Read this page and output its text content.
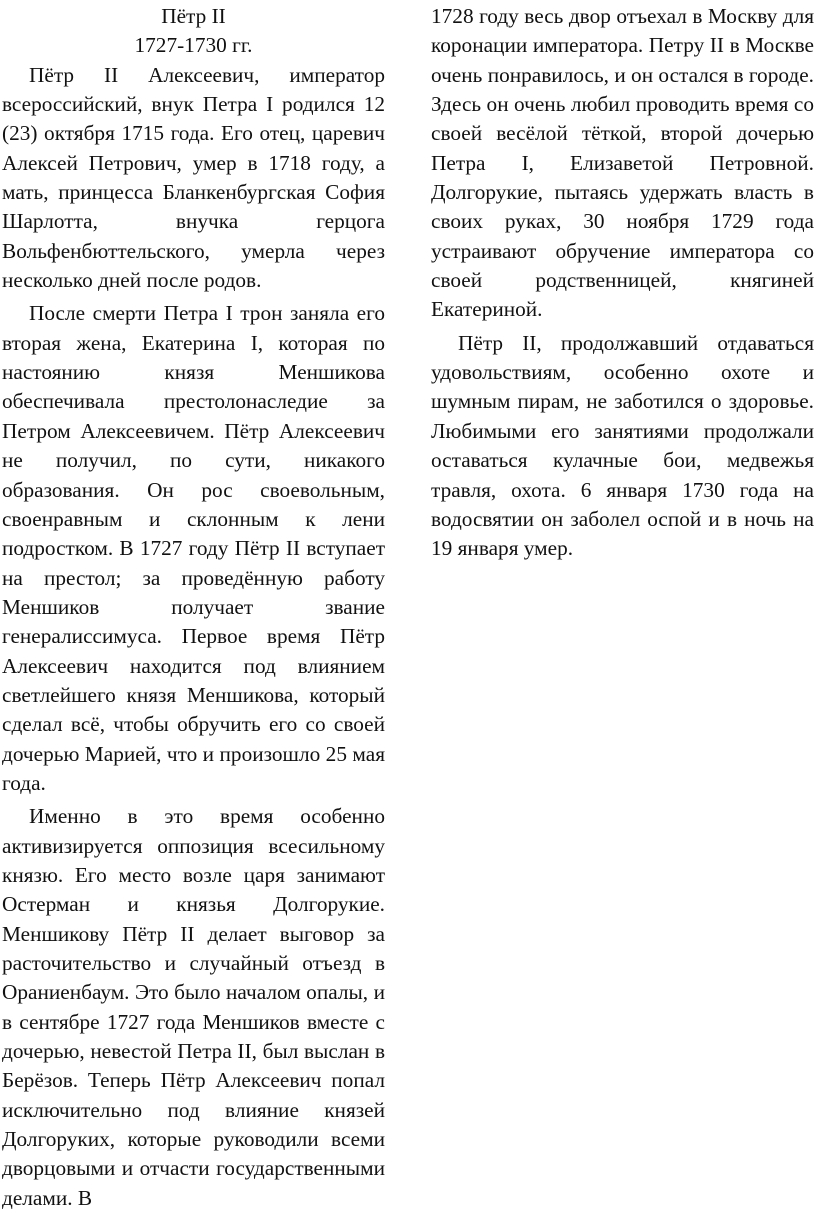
Пётр II
1727-1730 гг.

Пётр II Алексеевич, император всероссийский, внук Петра I родился 12 (23) октября 1715 года. Его отец, царевич Алексей Петрович, умер в 1718 году, а мать, принцесса Бланкенбургская София Шарлотта, внучка герцога Вольфенбюттельского, умерла через несколько дней после родов.

После смерти Петра I трон заняла его вторая жена, Екатерина I, которая по настоянию князя Меншикова обеспечивала престолонаследие за Петром Алексеевичем. Пётр Алексеевич не получил, по сути, никакого образования. Он рос своевольным, своенравным и склонным к лени подростком. В 1727 году Пётр II вступает на престол; за проведённую работу Меншиков получает звание генералиссимуса. Первое время Пётр Алексеевич находится под влиянием светлейшего князя Меншикова, который сделал всё, чтобы обручить его со своей дочерью Марией, что и произошло 25 мая года.

Именно в это время особенно активизируется оппозиция всесильному князю. Его место возле царя занимают Остерман и князья Долгорукие. Меншикову Пётр II делает выговор за расточительство и случайный отъезд в Ораниенбаум. Это было началом опалы, и в сентябре 1727 года Меншиков вместе с дочерью, невестой Петра II, был выслан в Берёзов. Теперь Пётр Алексеевич попал исключительно под влияние князей Долгоруких, которые руководили всеми дворцовыми и отчасти государственными делами. В

1728 году весь двор отъехал в Москву для коронации императора. Петру II в Москве очень понравилось, и он остался в городе. Здесь он очень любил проводить время со своей весёлой тёткой, второй дочерью Петра I, Елизаветой Петровной. Долгорукие, пытаясь удержать власть в своих руках, 30 ноября 1729 года устраивают обручение императора со своей родственницей, княгиней Екатериной.

Пётр II, продолжавший отдаваться удовольствиям, особенно охоте и шумным пирам, не заботился о здоровье. Любимыми его занятиями продолжали оставаться кулачные бои, медвежья травля, охота. 6 января 1730 года на водосвятии он заболел оспой и в ночь на 19 января умер.
